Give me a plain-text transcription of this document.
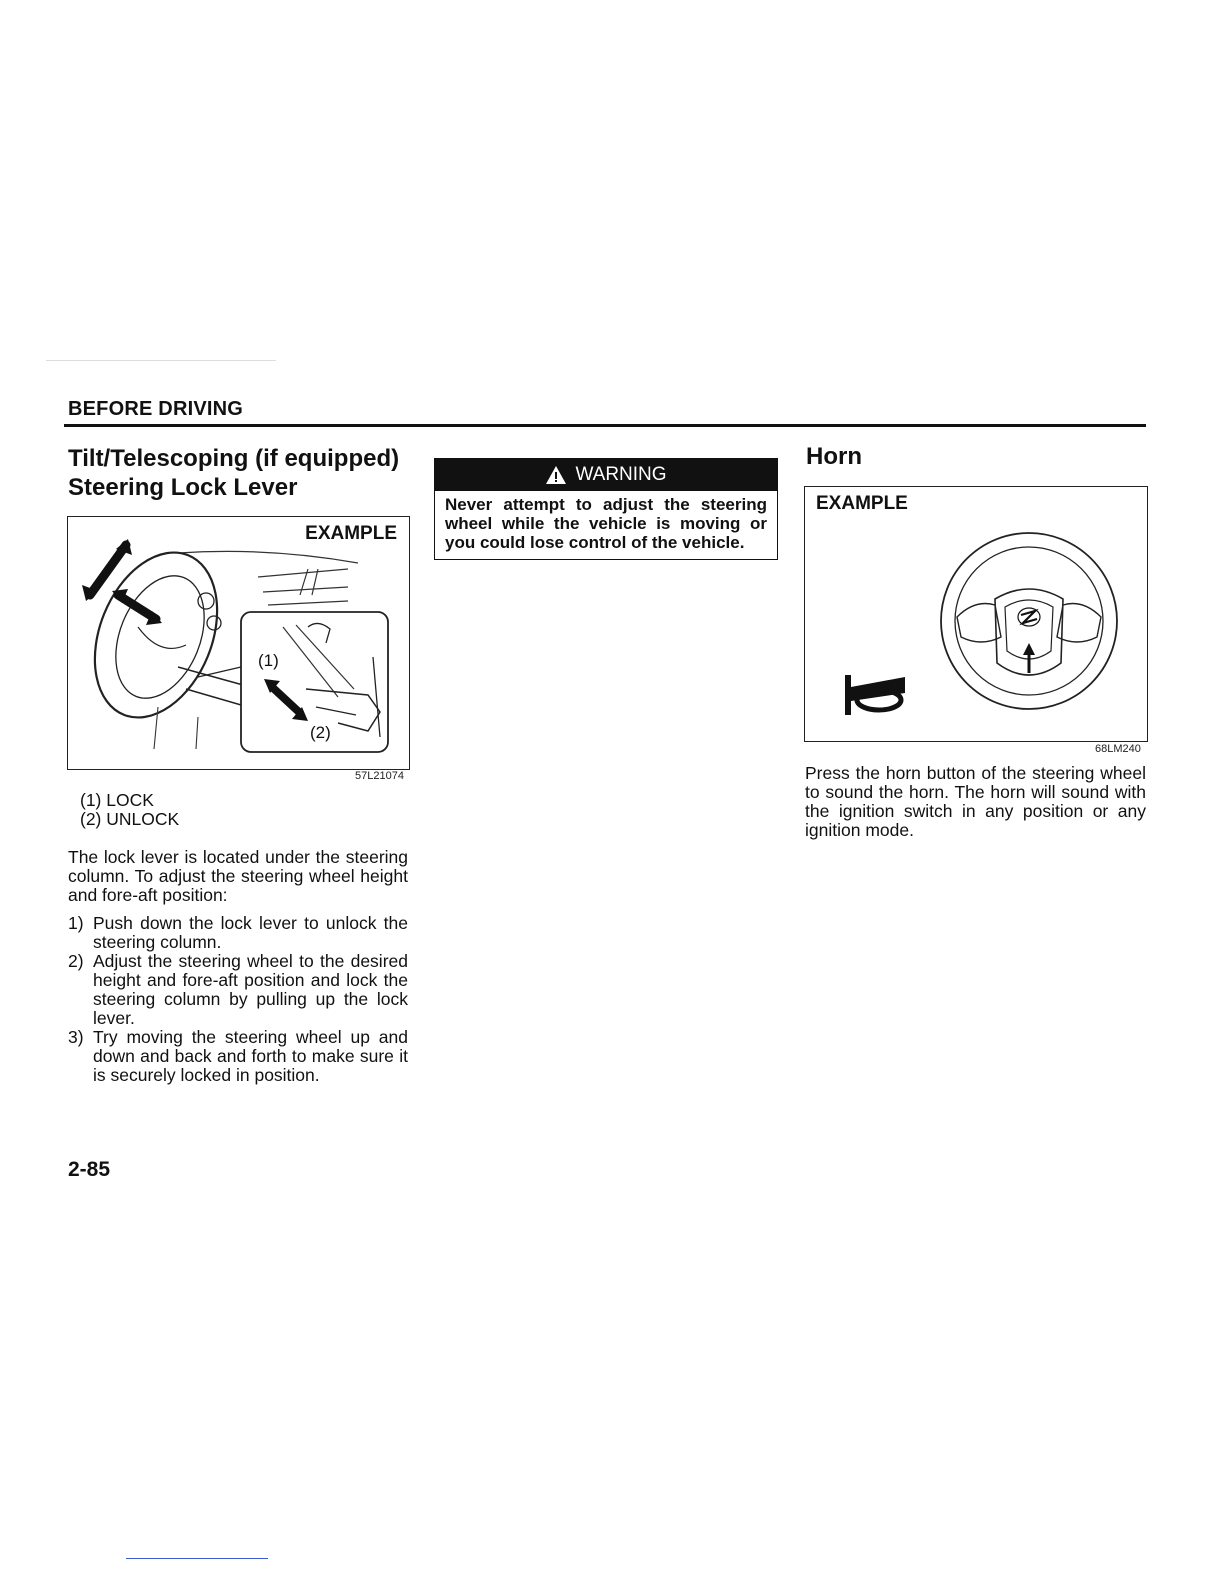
BEFORE DRIVING
Tilt/Telescoping (if equipped)
Steering Lock Lever
EXAMPLE
(1)
(2)
57L21074
(1) LOCK
(2) UNLOCK
The lock lever is located under the steering column. To adjust the steering wheel height and fore-aft position:
1) Push down the lock lever to unlock the steering column.
2) Adjust the steering wheel to the desired height and fore-aft position and lock the steering column by pulling up the lock lever.
3) Try moving the steering wheel up and down and back and forth to make sure it is securely locked in position.
WARNING
Never attempt to adjust the steering wheel while the vehicle is moving or you could lose control of the vehicle.
Horn
EXAMPLE
68LM240
Press the horn button of the steering wheel to sound the horn. The horn will sound with the ignition switch in any position or any ignition mode.
2-85
